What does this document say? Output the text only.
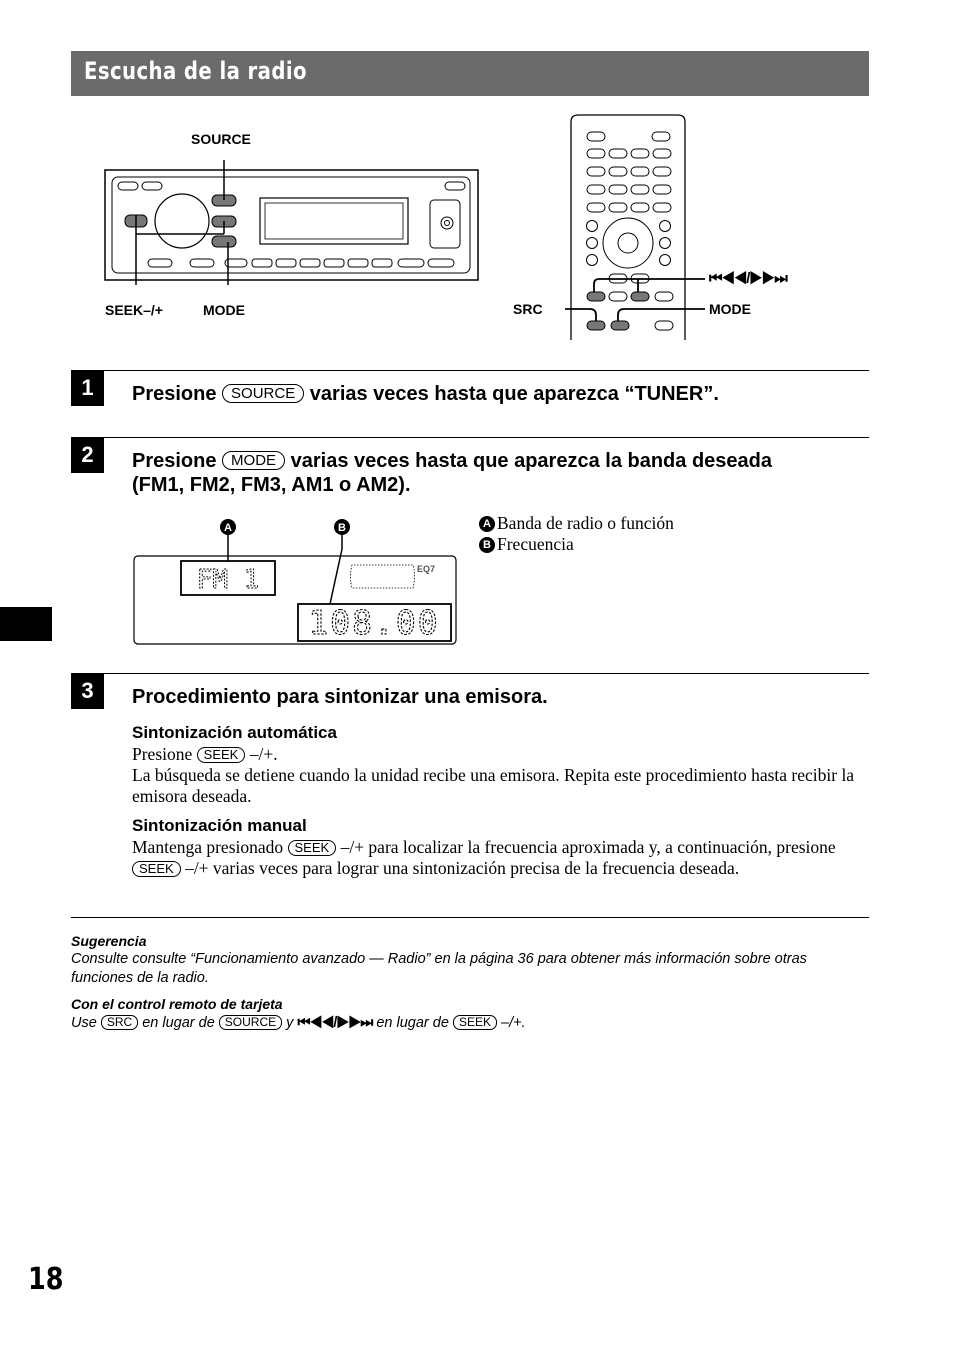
Escucha de la radio
SOURCE
SEEK–/+	MODE	SRC	MODE
⏮◀◀/▶▶⏭
1	Presione SOURCE varias veces hasta que aparezca “TUNER”.
2	Presione MODE varias veces hasta que aparezca la banda deseada
(FM1, FM2, FM3, AM1 o AM2).
FM 1
108.00
EQ7
A	B	A Banda de radio o función
B Frecuencia
3	Procedimiento para sintonizar una emisora.
Sintonización automática
Presione SEEK –/+.
La búsqueda se detiene cuando la unidad recibe una emisora. Repita este procedimiento hasta recibir la emisora deseada.
Sintonización manual
Mantenga presionado SEEK –/+ para localizar la frecuencia aproximada y, a continuación, presione SEEK –/+ varias veces para lograr una sintonización precisa de la frecuencia deseada.
Sugerencia
Consulte consulte “Funcionamiento avanzado — Radio” en la página 36 para obtener más información sobre otras funciones de la radio.
Con el control remoto de tarjeta
Use SRC en lugar de SOURCE y ⏮◀◀/▶▶⏭ en lugar de SEEK –/+.
18
